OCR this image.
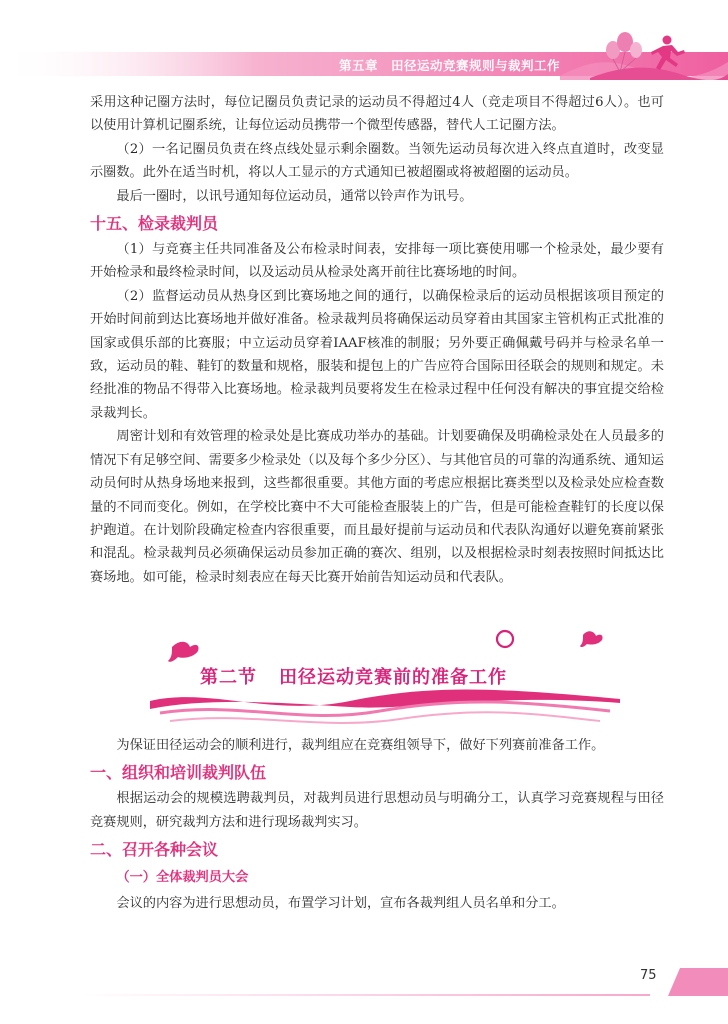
第五章　田径运动竞赛规则与裁判工作

采用这种记圈方法时，每位记圈员负责记录的运动员不得超过4人（竞走项目不得超过6人）。也可以使用计算机记圈系统，让每位运动员携带一个微型传感器，替代人工记圈方法。

（2）一名记圈员负责在终点线处显示剩余圈数。当领先运动员每次进入终点直道时，改变显示圈数。此外在适当时机，将以人工显示的方式通知已被超圈或将被超圈的运动员。

最后一圈时，以讯号通知每位运动员，通常以铃声作为讯号。

十五、检录裁判员

（1）与竞赛主任共同准备及公布检录时间表，安排每一项比赛使用哪一个检录处，最少要有开始检录和最终检录时间，以及运动员从检录处离开前往比赛场地的时间。

（2）监督运动员从热身区到比赛场地之间的通行，以确保检录后的运动员根据该项目预定的开始时间前到达比赛场地并做好准备。检录裁判员将确保运动员穿着由其国家主管机构正式批准的国家或俱乐部的比赛服；中立运动员穿着IAAF核准的制服；另外要正确佩戴号码并与检录名单一致，运动员的鞋、鞋钉的数量和规格，服装和提包上的广告应符合国际田径联会的规则和规定。未经批准的物品不得带入比赛场地。检录裁判员要将发生在检录过程中任何没有解决的事宜提交给检录裁判长。

周密计划和有效管理的检录处是比赛成功举办的基础。计划要确保及明确检录处在人员最多的情况下有足够空间、需要多少检录处（以及每个多少分区）、与其他官员的可靠的沟通系统、通知运动员何时从热身场地来报到，这些都很重要。其他方面的考虑应根据比赛类型以及检录处应检查数量的不同而变化。例如，在学校比赛中不大可能检查服装上的广告，但是可能检查鞋钉的长度以保护跑道。在计划阶段确定检查内容很重要，而且最好提前与运动员和代表队沟通好以避免赛前紧张和混乱。检录裁判员必须确保运动员参加正确的赛次、组别，以及根据检录时刻表按照时间抵达比赛场地。如可能，检录时刻表应在每天比赛开始前告知运动员和代表队。

第二节 田径运动竞赛前的准备工作

为保证田径运动会的顺利进行，裁判组应在竞赛组领导下，做好下列赛前准备工作。

一、组织和培训裁判队伍

根据运动会的规模选聘裁判员，对裁判员进行思想动员与明确分工，认真学习竞赛规程与田径竞赛规则，研究裁判方法和进行现场裁判实习。

二、召开各种会议
（一）全体裁判员大会

会议的内容为进行思想动员，布置学习计划，宣布各裁判组人员名单和分工。

75
